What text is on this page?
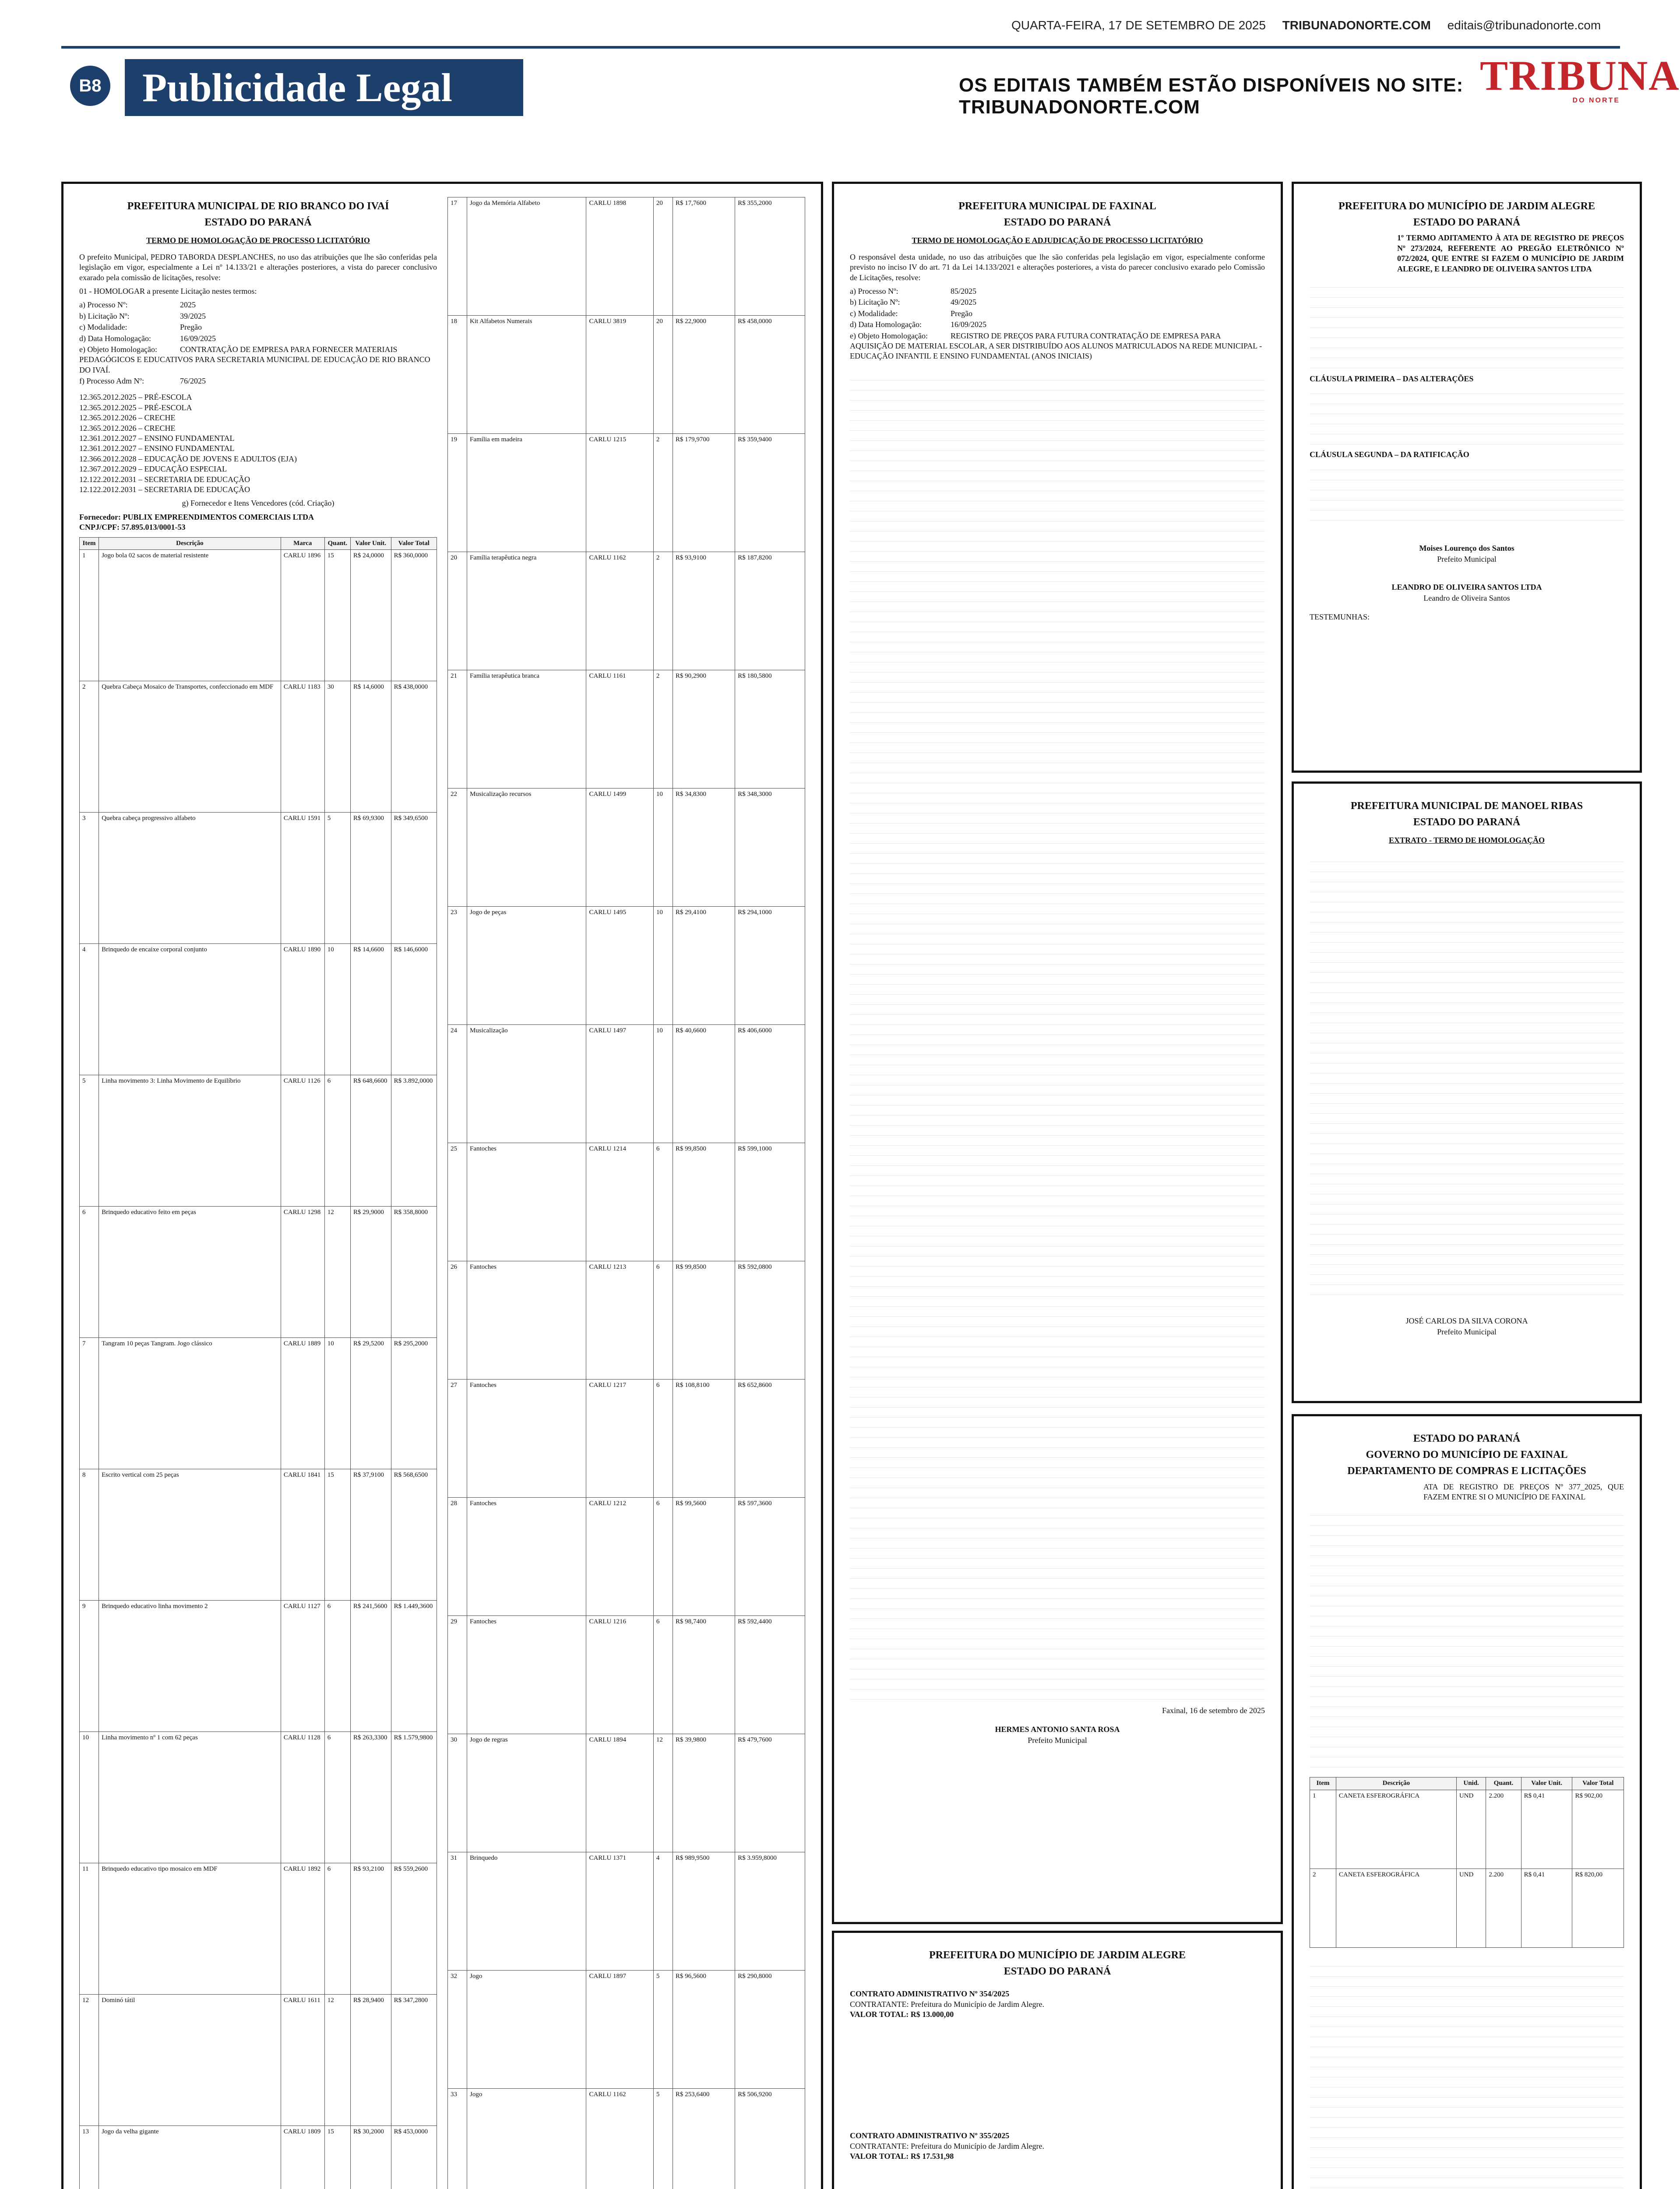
QUARTA-FEIRA, 17 DE SETEMBRO DE 2025 TRIBUNADONORTE.COM editais@tribunadonorte.com
B8	Publicidade Legal	OS EDITAIS TAMBÉM ESTÃO DISPONÍVEIS NO SITE: TRIBUNADONORTE.COM
TRIBUNA
DO NORTE
PREFEITURA MUNICIPAL DE RIO BRANCO DO IVAÍ
ESTADO DO PARANÁ
TERMO DE HOMOLOGAÇÃO DE PROCESSO LICITATÓRIO

O prefeito Municipal, PEDRO TABORDA DESPLANCHES, no uso das atribuições que lhe são conferidas pela legislação em vigor, especialmente a Lei nº 14.133/21 e alterações posteriores, a vista do parecer conclusivo exarado pela comissão de licitações, resolve:

01 - HOMOLOGAR a presente Licitação nestes termos:

a) Processo Nº:	2025
b) Licitação Nº:	39/2025
c) Modalidade:	Pregão
d) Data Homologação:	16/09/2025
e) Objeto Homologação:	CONTRATAÇÃO DE EMPRESA PARA FORNECER MATERIAIS PEDAGÓGICOS E EDUCATIVOS PARA SECRETARIA MUNICIPAL DE EDUCAÇÃO DE RIO BRANCO DO IVAÍ.
f) Processo Adm Nº:	76/2025
12.365.2012.2025 – PRÉ-ESCOLA
12.365.2012.2025 – PRÉ-ESCOLA
12.365.2012.2026 – CRECHE
12.365.2012.2026 – CRECHE
12.361.2012.2027 – ENSINO FUNDAMENTAL
12.361.2012.2027 – ENSINO FUNDAMENTAL
12.366.2012.2028 – EDUCAÇÃO DE JOVENS E ADULTOS (EJA)
12.367.2012.2029 – EDUCAÇÃO ESPECIAL
12.122.2012.2031 – SECRETARIA DE EDUCAÇÃO
12.122.2012.2031 – SECRETARIA DE EDUCAÇÃO

g) Fornecedor e Itens Vencedores (cód. Criação)

Fornecedor: PUBLIX EMPREENDIMENTOS COMERCIAIS LTDA
CNPJ/CPF: 57.895.013/0001-53
Item	Descrição	Marca	Quant.	Valor Unit.	Valor Total
1	Jogo bola 02 sacos de material resistente	CARLU 1896	15	R$ 24,0000	R$ 360,0000
2	Quebra Cabeça Mosaico de Transportes, confeccionado em MDF	CARLU 1183	30	R$ 14,6000	R$ 438,0000
3	Quebra cabeça progressivo alfabeto	CARLU 1591	5	R$ 69,9300	R$ 349,6500
4	Brinquedo de encaixe corporal conjunto	CARLU 1890	10	R$ 14,6600	R$ 146,6000
5	Linha movimento 3: Linha Movimento de Equilíbrio	CARLU 1126	6	R$ 648,6600	R$ 3.892,0000
6	Brinquedo educativo feito em peças	CARLU 1298	12	R$ 29,9000	R$ 358,8000
7	Tangram 10 peças Tangram. Jogo clássico	CARLU 1889	10	R$ 29,5200	R$ 295,2000
8	Escrito vertical com 25 peças	CARLU 1841	15	R$ 37,9100	R$ 568,6500
9	Brinquedo educativo linha movimento 2	CARLU 1127	6	R$ 241,5600	R$ 1.449,3600
10	Linha movimento nº 1 com 62 peças	CARLU 1128	6	R$ 263,3300	R$ 1.579,9800
11	Brinquedo educativo tipo mosaico em MDF	CARLU 1892	6	R$ 93,2100	R$ 559,2600
12	Dominó tátil	CARLU 1611	12	R$ 28,9400	R$ 347,2800
13	Jogo da velha gigante	CARLU 1809	15	R$ 30,2000	R$ 453,0000

17	Jogo da Memória Alfabeto	CARLU 1898	20	R$ 17,7600	R$ 355,2000
18	Kit Alfabetos Numerais	CARLU 3819	20	R$ 22,9000	R$ 458,0000
19	Família em madeira	CARLU 1215	2	R$ 179,9700	R$ 359,9400
20	Família terapêutica negra	CARLU 1162	2	R$ 93,9100	R$ 187,8200
21	Família terapêutica branca	CARLU 1161	2	R$ 90,2900	R$ 180,5800
22	Musicalização recursos	CARLU 1499	10	R$ 34,8300	R$ 348,3000
23	Jogo de peças	CARLU 1495	10	R$ 29,4100	R$ 294,1000
24	Musicalização	CARLU 1497	10	R$ 40,6600	R$ 406,6000
25	Fantoches	CARLU 1214	6	R$ 99,8500	R$ 599,1000
26	Fantoches	CARLU 1213	6	R$ 99,8500	R$ 592,0800
27	Fantoches	CARLU 1217	6	R$ 108,8100	R$ 652,8600
28	Fantoches	CARLU 1212	6	R$ 99,5600	R$ 597,3600
29	Fantoches	CARLU 1216	6	R$ 98,7400	R$ 592,4400
30	Jogo de regras	CARLU 1894	12	R$ 39,9800	R$ 479,7600
31	Brinquedo	CARLU 1371	4	R$ 989,9500	R$ 3.959,8000
32	Jogo	CARLU 1897	5	R$ 96,5600	R$ 290,8000
33	Jogo	CARLU 1162	5	R$ 253,6400	R$ 506,9200

PREFEITURA MUNICIPAL DE FAXINAL
ESTADO DO PARANÁ
TERMO DE HOMOLOGAÇÃO E ADJUDICAÇÃO DE PROCESSO LICITATÓRIO

O responsável desta unidade, no uso das atribuições que lhe são conferidas pela legislação em vigor, especialmente conforme previsto no inciso IV do art. 71 da Lei 14.133/2021 e alterações posteriores, a vista do parecer conclusivo exarado pelo Comissão de Licitações, resolve:

a) Processo Nº:	85/2025
b) Licitação Nº:	49/2025
c) Modalidade:	Pregão
d) Data Homologação:	16/09/2025
e) Objeto Homologação:	REGISTRO DE PREÇOS PARA FUTURA CONTRATAÇÃO DE EMPRESA PARA AQUISIÇÃO DE MATERIAL ESCOLAR, A SER DISTRIBUÍDO AOS ALUNOS MATRICULADOS NA REDE MUNICIPAL - EDUCAÇÃO INFANTIL E ENSINO FUNDAMENTAL (ANOS INICIAIS)
Faxinal, 16 de setembro de 2025
HERMES ANTONIO SANTA ROSA
Prefeito Municipal
PREFEITURA DO MUNICÍPIO DE JARDIM ALEGRE
ESTADO DO PARANÁ
CONTRATO ADMINISTRATIVO Nº 354/2025
CONTRATANTE: Prefeitura do Município de Jardim Alegre.
VALOR TOTAL: R$ 13.000,00
CONTRATO ADMINISTRATIVO Nº 355/2025
CONTRATANTE: Prefeitura do Município de Jardim Alegre.
VALOR TOTAL: R$ 17.531,98
PREFEITURA DO MUNICÍPIO DE JARDIM ALEGRE
ESTADO DO PARANÁ

1º TERMO ADITAMENTO À ATA DE REGISTRO DE PREÇOS Nº 273/2024, REFERENTE AO PREGÃO ELETRÔNICO Nº 072/2024, QUE ENTRE SI FAZEM O MUNICÍPIO DE JARDIM ALEGRE, E LEANDRO DE OLIVEIRA SANTOS LTDA

CLÁUSULA PRIMEIRA – DAS ALTERAÇÕES
CLÁUSULA SEGUNDA – DA RATIFICAÇÃO
Moises Lourenço dos Santos
Prefeito Municipal
LEANDRO DE OLIVEIRA SANTOS LTDA
Leandro de Oliveira Santos
TESTEMUNHAS:
PREFEITURA MUNICIPAL DE MANOEL RIBAS
ESTADO DO PARANÁ
EXTRATO - TERMO DE HOMOLOGAÇÃO
JOSÉ CARLOS DA SILVA CORONA
Prefeito Municipal
ESTADO DO PARANÁ
GOVERNO DO MUNICÍPIO DE FAXINAL
DEPARTAMENTO DE COMPRAS E LICITAÇÕES

ATA DE REGISTRO DE PREÇOS Nº 377_2025, QUE FAZEM ENTRE SI O MUNICÍPIO DE FAXINAL

Item	Descrição	Unid.	Quant.	Valor Unit.	Valor Total
1	CANETA ESFEROGRÁFICA	UND	2.200	R$ 0,41	R$ 902,00
2	CANETA ESFEROGRÁFICA	UND	2.200	R$ 0,41	R$ 820,00
